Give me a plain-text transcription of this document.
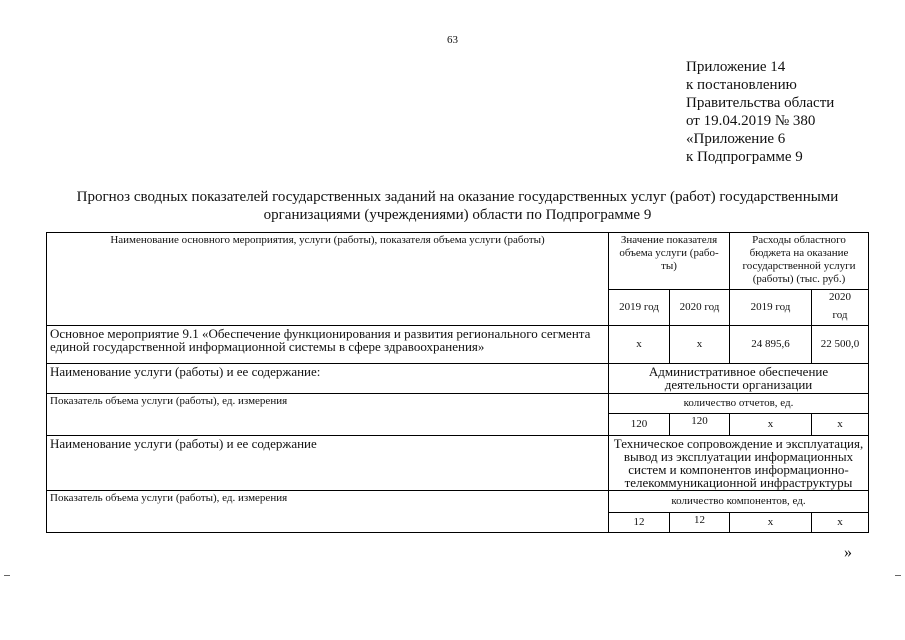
63
Приложение 14
к постановлению
Правительства области
от 19.04.2019 № 380
«Приложение 6
к Подпрограмме 9
Прогноз сводных показателей государственных заданий на оказание государственных услуг (работ) государственными
организациями (учреждениями) области по Подпрограмме 9
Наименование основного мероприятия, услуги (работы), показателя объема услуги (работы)	Значение показателя объема услуги (рабо-ты)		Расходы областного бюджета на оказание государственной услуги (работы) (тыс. руб.)	
	2019 год	2020 год	2019 год	2020
год

Основное мероприятие 9.1 «Обеспечение функционирования и развития регионального сегмента единой государственной информационной системы в сфере здравоохранения»	х	х	24 895,6	22 500,0
Наименование услуги (работы) и ее содержание:	Административное обеспечение деятельности организации			
Показатель объема услуги (работы), ед. измерения	количество отчетов, ед.			
	120	120	х	х
Наименование услуги (работы) и ее содержание	Техническое сопровождение и эксплуатация, вывод из эксплуатации информационных систем и компонентов информационно-телекоммуникационной инфраструктуры			
Показатель объема услуги (работы), ед. измерения	количество компонентов, ед.			
	12	12	х	х
»
